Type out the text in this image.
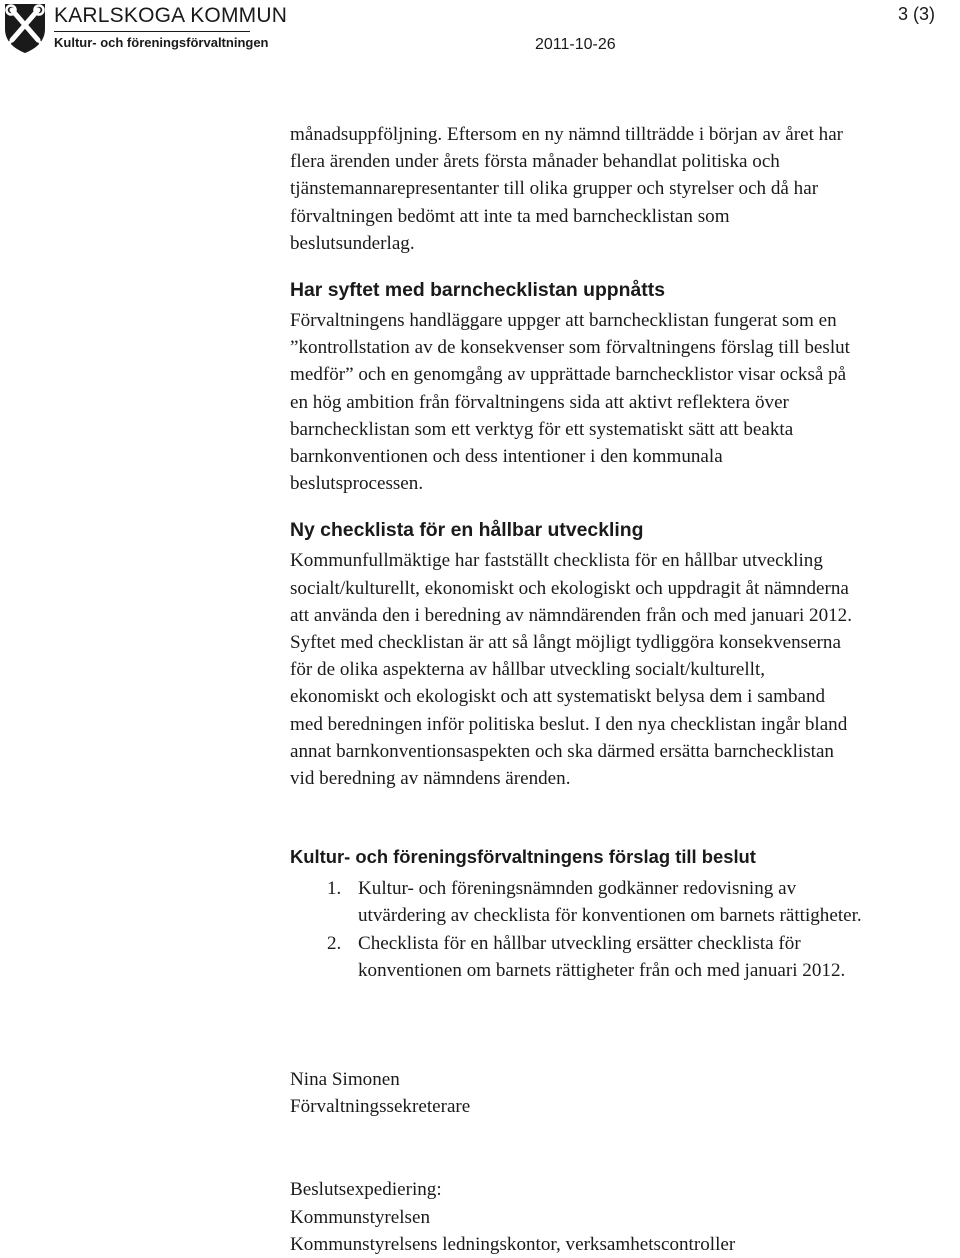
KARLSKOGA KOMMUN
Kultur- och föreningsförvaltningen	2011-10-26
3 (3)

månadsuppföljning. Eftersom en ny nämnd tillträdde i början av året har
flera ärenden under årets första månader behandlat politiska och
tjänstemannarepresentanter till olika grupper och styrelser och då har
förvaltningen bedömt att inte ta med barnchecklistan som
beslutsunderlag.

Har syftet med barnchecklistan uppnåtts

Förvaltningens handläggare uppger att barnchecklistan fungerat som en
”kontrollstation av de konsekvenser som förvaltningens förslag till beslut
medför” och en genomgång av upprättade barnchecklistor visar också på
en hög ambition från förvaltningens sida att aktivt reflektera över
barnchecklistan som ett verktyg för ett systematiskt sätt att beakta
barnkonventionen och dess intentioner i den kommunala
beslutsprocessen.

Ny checklista för en hållbar utveckling

Kommunfullmäktige har fastställt checklista för en hållbar utveckling
socialt/kulturellt, ekonomiskt och ekologiskt och uppdragit åt nämnderna
att använda den i beredning av nämndärenden från och med januari 2012.
Syftet med checklistan är att så långt möjligt tydliggöra konsekvenserna
för de olika aspekterna av hållbar utveckling socialt/kulturellt,
ekonomiskt och ekologiskt och att systematiskt belysa dem i samband
med beredningen inför politiska beslut. I den nya checklistan ingår bland
annat barnkonventionsaspekten och ska därmed ersätta barnchecklistan
vid beredning av nämndens ärenden.

Kultur- och föreningsförvaltningens förslag till beslut
1. Kultur- och föreningsnämnden godkänner redovisning av
utvärdering av checklista för konventionen om barnets rättigheter.
2. Checklista för en hållbar utveckling ersätter checklista för
konventionen om barnets rättigheter från och med januari 2012.
Nina Simonen
Förvaltningssekreterare
Beslutsexpediering:
Kommunstyrelsen
Kommunstyrelsens ledningskontor, verksamhetscontroller
